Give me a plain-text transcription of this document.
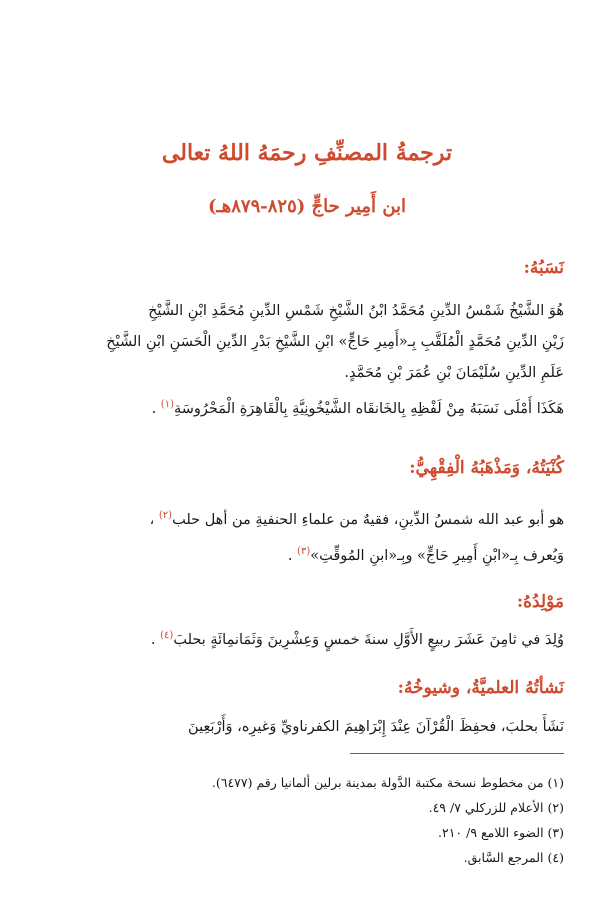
ترجمةُ المصنِّفِ رحمَهُ اللهُ تعالى
ابن أَمِير حاجٍّ (٨٢٥-٨٧٩هـ)
نَسَبُهُ:
هُوَ الشَّيْخُ شَمْسُ الدِّينِ مُحَمَّدُ ابْنُ الشَّيْخِ شَمْسِ الدِّينِ مُحَمَّدِ ابْنِ الشَّيْخِ
زَيْنِ الدِّينِ مُحَمَّدٍ الْمُلَقَّبِ بِـ«أَمِيرِ حَاجٍّ» ابْنِ الشَّيْخِ بَدْرِ الدِّينِ الْحَسَنِ ابْنِ الشَّيْخِ
عَلَمِ الدِّينِ سُلَيْمَانَ بْنِ عُمَرَ بْنِ مُحَمَّدٍ.
هَكَذَا أَمْلَى نَسَبَهُ مِنْ لَفْظِهِ بِالخَانقَاه الشَّيْخُونِيَّةِ بِالْقَاهِرَةِ الْمَحْرُوسَةِ$^{(١)}$ .
كُنْيَتُهُ، وَمَذْهَبُهُ الْفِقْهِيُّ:
هو أبو عبد الله شمسُ الدِّينِ، فقيهٌ من علماءِ الحنفيةِ من أهل حلب$^{(٢)}$ ،
وَيُعرف بِـ«ابْنِ أَمِيرِ حَاجٍّ» وبِـ«ابنِ المُوقِّتِ»$^{(٣)}$ .
مَوْلِدُهُ:
وُلِدَ في ثامِنَ عَشَرَ ربيعٍ الأَوَّلِ سنةَ خمسٍ وَعِشْرِينَ وَثَمَانمِائَةٍ بحلبَ$^{(٤)}$ .
نَشأتُهُ العلميَّةُ، وشيوخُهُ:
نَشَأَ بحلبَ، فحفِظَ الْقُرْآنَ عِنْدَ إِبْرَاهِيمَ الكفرناويِّ وَغيرِه، وَأَرْبَعِينَ
(١) من مخطوط نسخة مكتبة الدَّولة بمدينة برلين ألمانيا رقم (٦٤٧٧).
(٢) الأعلام للزركلي ٧/ ٤٩.
(٣) الضوء اللامع ٩/ ٢١٠.
(٤) المرجع السَّابق.
